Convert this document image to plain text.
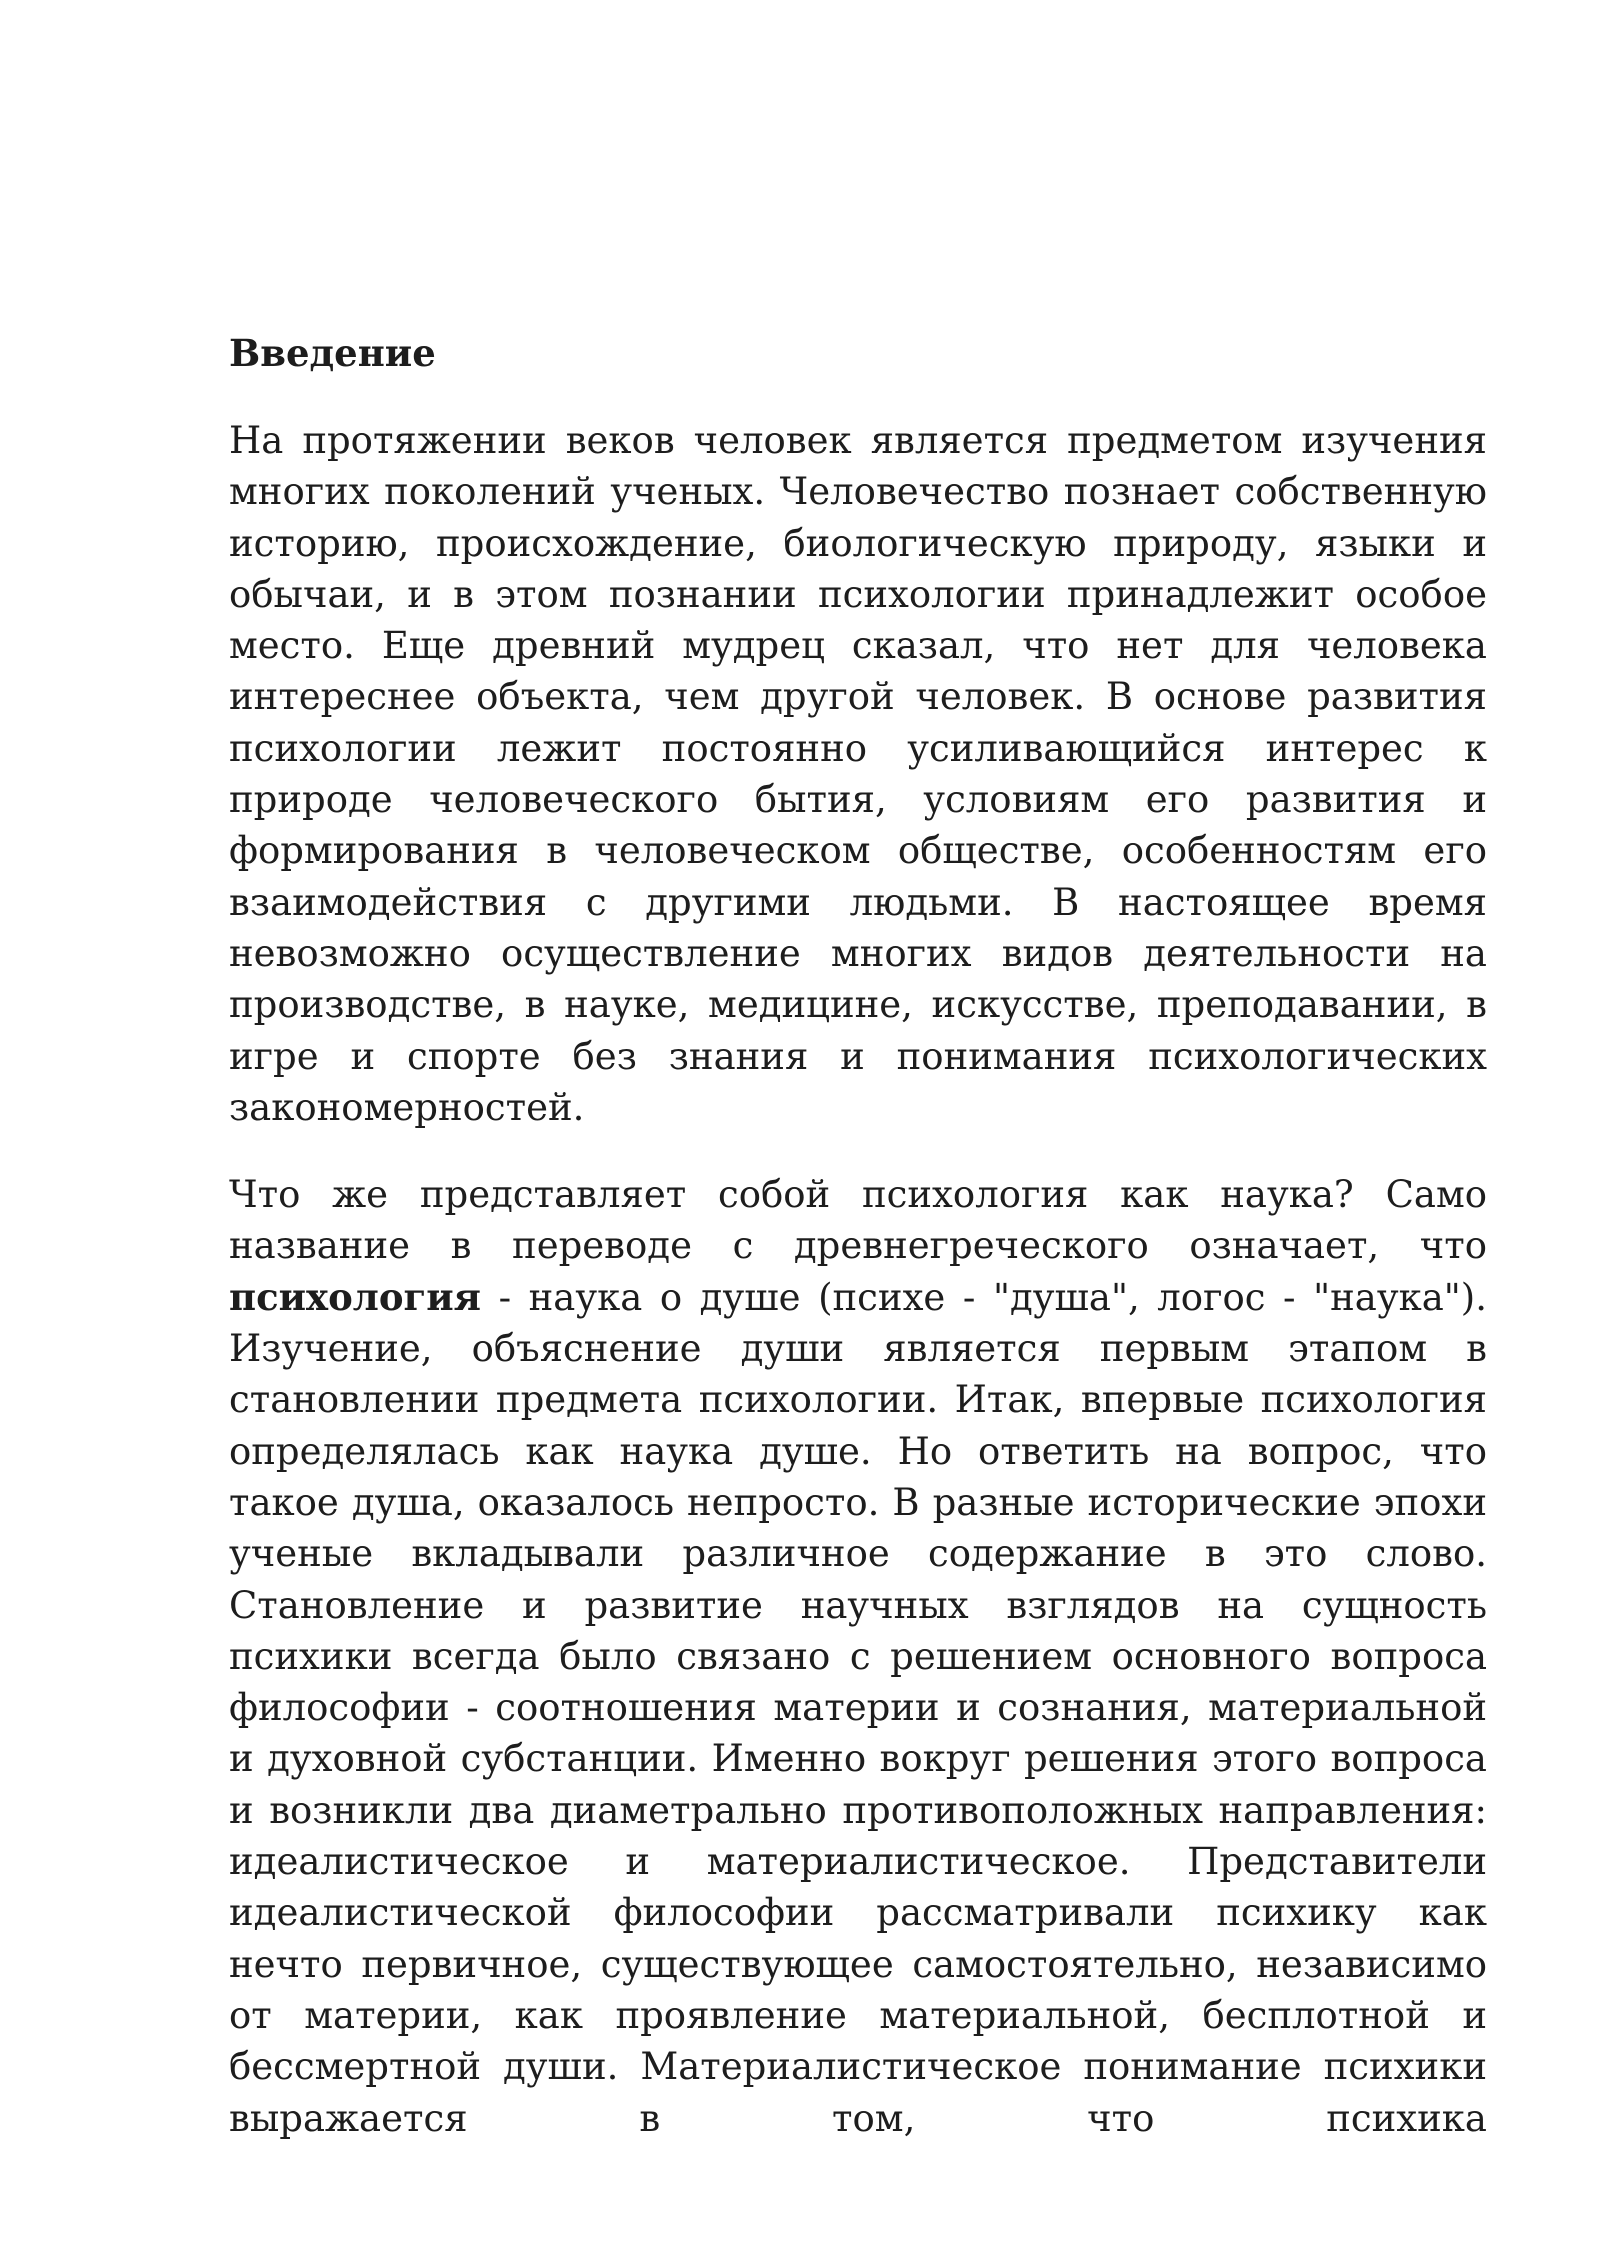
Введение

На протяжении веков человек является предметом изучения многих поколений ученых. Человечество познает собственную историю, происхождение, биологическую природу, языки и обычаи, и в этом познании психологии принадлежит особое место. Еще древний мудрец сказал, что нет для человека интереснее объекта, чем другой человек. В основе развития психологии лежит постоянно усиливающийся интерес к природе человеческого бытия, условиям его развития и формирования в человеческом обществе, особенностям его взаимодействия с другими людьми. В настоящее время невозможно осуществление многих видов деятельности на производстве, в науке, медицине, искусстве, преподавании, в игре и спорте без знания и понимания психологических закономерностей.

Что же представляет собой психология как наука? Само название в переводе с древнегреческого означает, что психология - наука о душе (психе - "душа", логос - "наука"). Изучение, объяснение души является первым этапом в становлении предмета психологии. Итак, впервые психология определялась как наука душе. Но ответить на вопрос, что такое душа, оказалось непросто. В разные исторические эпохи ученые вкладывали различное содержание в это слово. Становление и развитие научных взглядов на сущность психики всегда было связано с решением основного вопроса философии - соотношения материи и сознания, материальной и духовной субстанции. Именно вокруг решения этого вопроса и возникли два диаметрально противоположных направления: идеалистическое и материалистическое. Представители идеалистической философии рассматривали психику как нечто первичное, существующее самостоятельно, независимо от материи, как проявление материальной, бесплотной и бессмертной души. Материалистическое понимание психики выражается в том, что психика
